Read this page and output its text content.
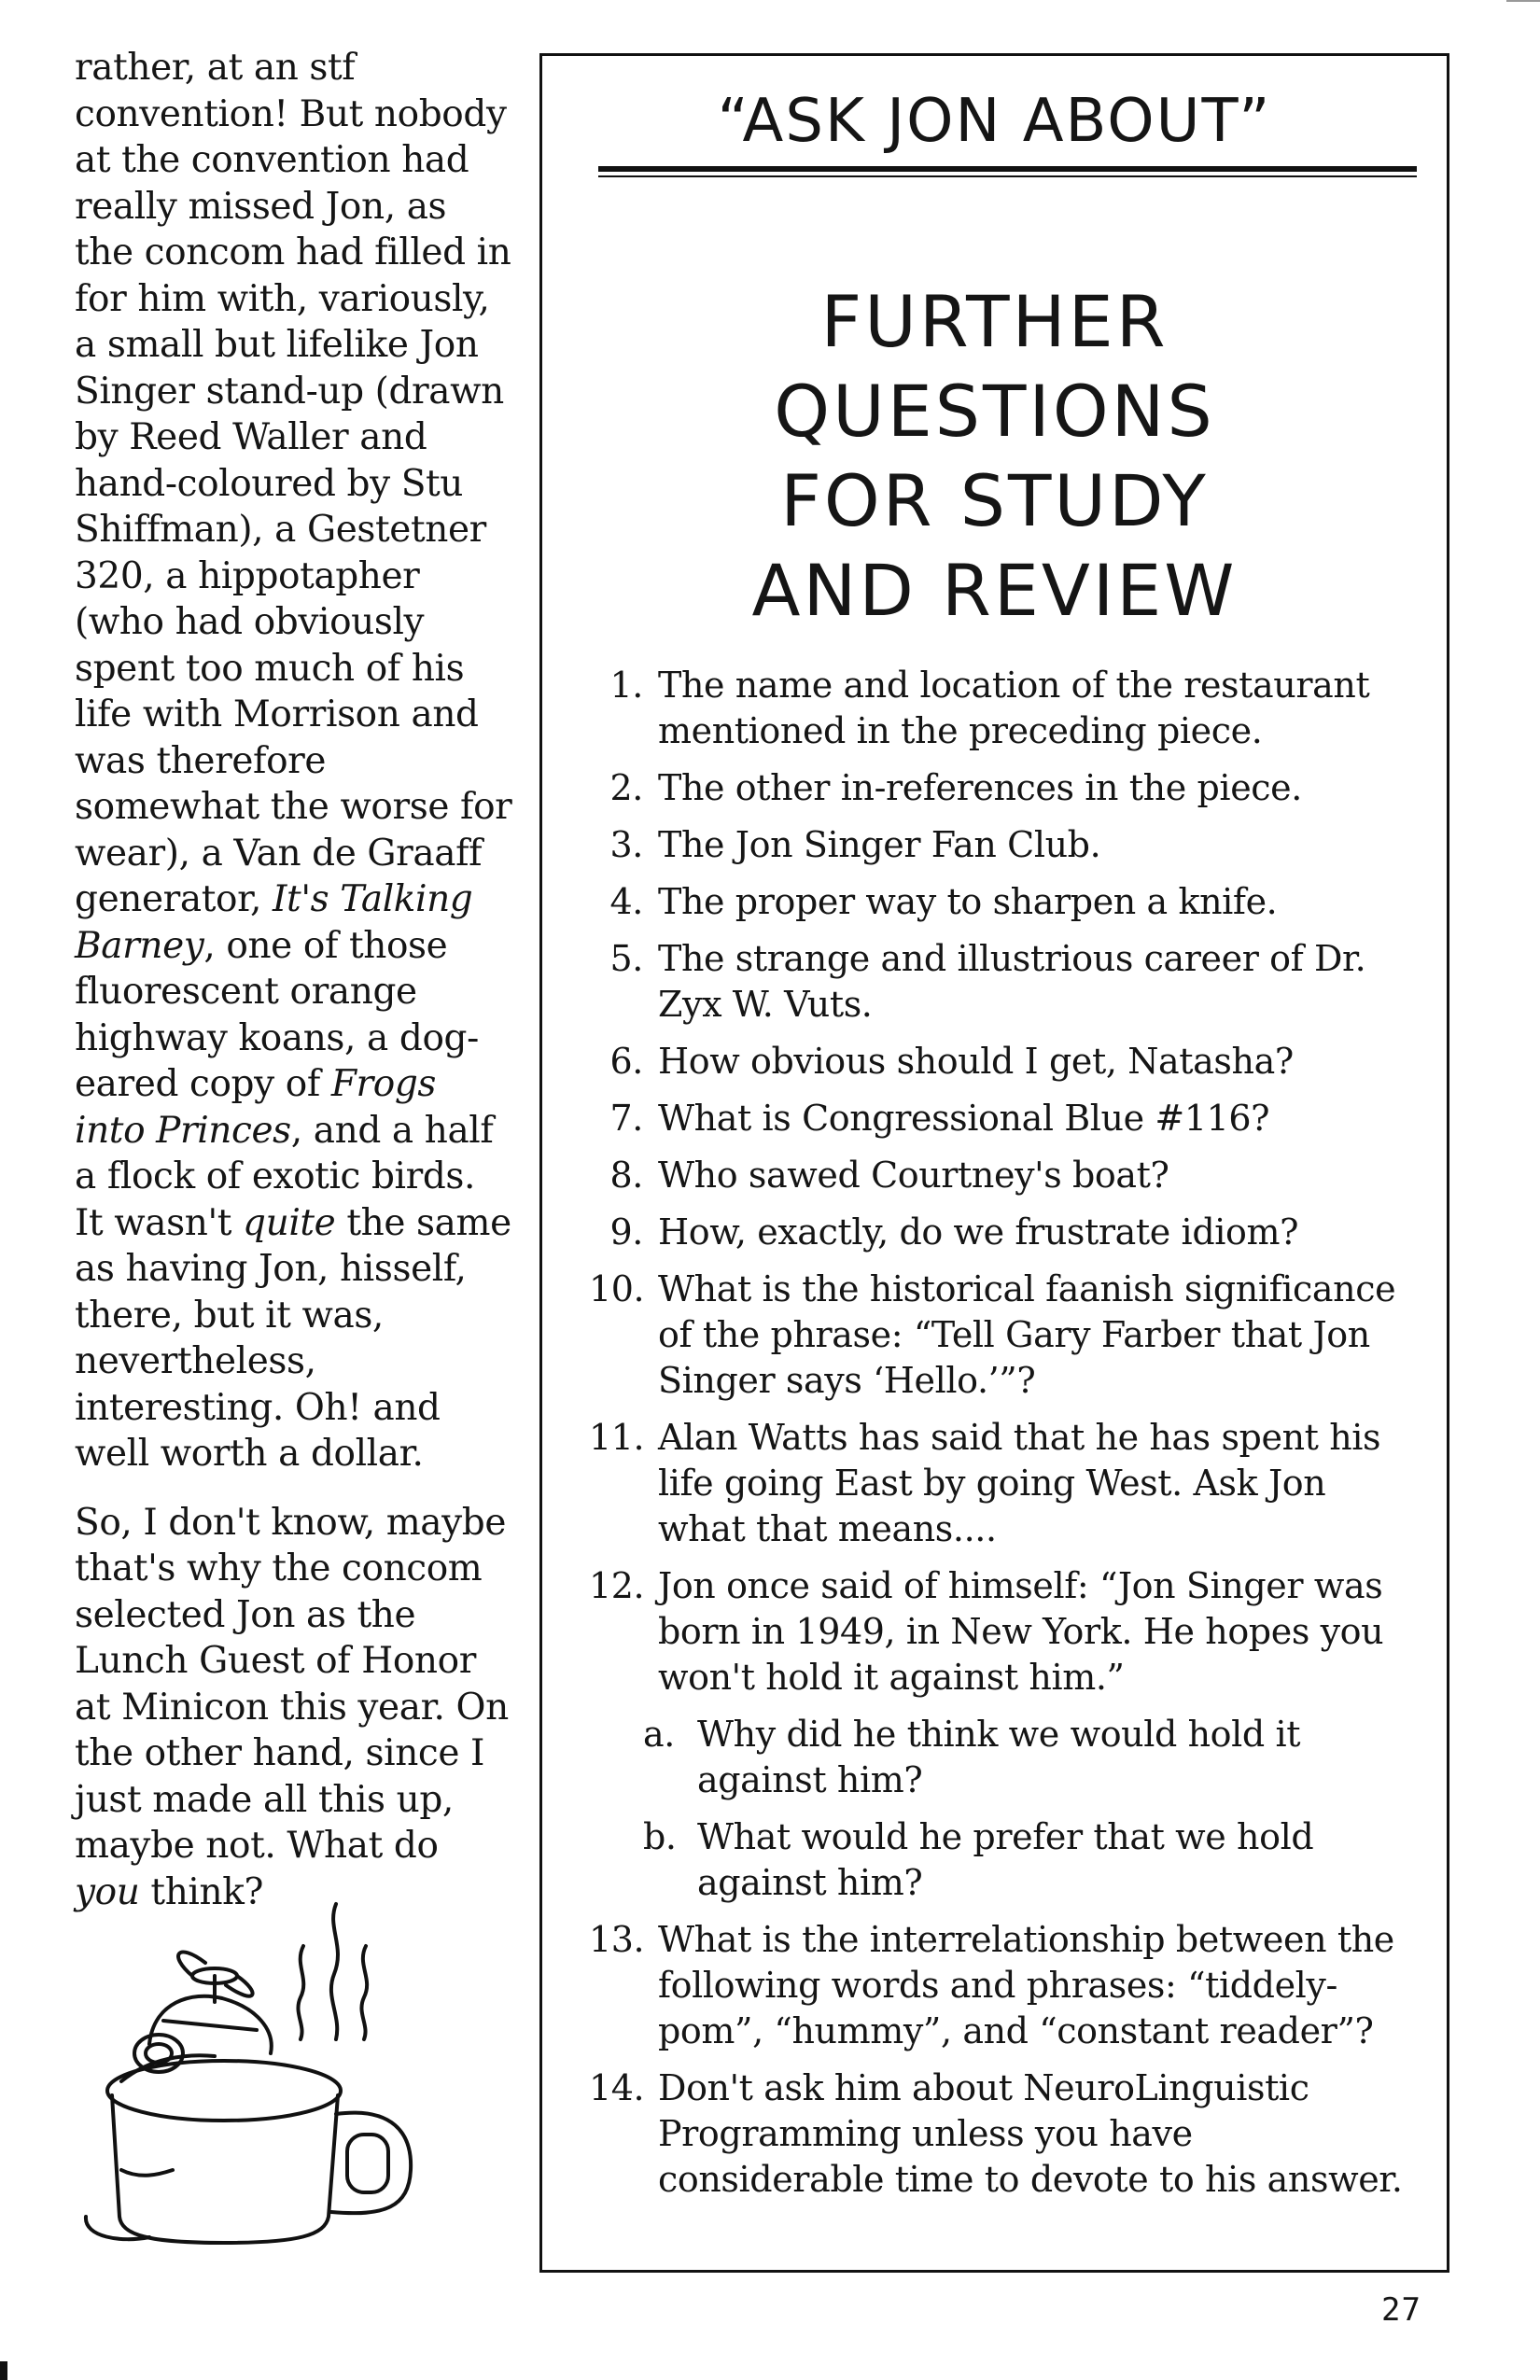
rather, at an stf convention! But nobody at the convention had really missed Jon, as the concom had filled in for him with, variously, a small but lifelike Jon Singer stand-up (drawn by Reed Waller and hand-coloured by Stu Shiffman), a Gestetner 320, a hippotapher (who had obviously spent too much of his life with Morrison and was therefore somewhat the worse for wear), a Van de Graaff generator, It's Talking Barney, one of those fluorescent orange highway koans, a dog-eared copy of Frogs into Princes, and a half a flock of exotic birds. It wasn't quite the same as having Jon, hisself, there, but it was, nevertheless, interesting. Oh! and well worth a dollar.

So, I don't know, maybe that's why the concom selected Jon as the Lunch Guest of Honor at Minicon this year. On the other hand, since I just made all this up, maybe not. What do you think?

“ASK JON ABOUT”
FURTHER
QUESTIONS
FOR STUDY
AND REVIEW
1. The name and location of the restaurant mentioned in the preceding piece.
2. The other in-references in the piece.
3. The Jon Singer Fan Club.
4. The proper way to sharpen a knife.
5. The strange and illustrious career of Dr. Zyx W. Vuts.
6. How obvious should I get, Natasha?
7. What is Congressional Blue #116?
8. Who sawed Courtney's boat?
9. How, exactly, do we frustrate idiom?
10. What is the historical faanish significance of the phrase: “Tell Gary Farber that Jon Singer says ‘Hello.’”?
11. Alan Watts has said that he has spent his life going East by going West. Ask Jon what that means....
12. Jon once said of himself: “Jon Singer was born in 1949, in New York. He hopes you won't hold it against him.”
a. Why did he think we would hold it against him?
b. What would he prefer that we hold against him?
13. What is the interrelationship between the following words and phrases: “tiddely-pom”, “hummy”, and “constant reader”?
14. Don't ask him about NeuroLinguistic Programming unless you have considerable time to devote to his answer.
27
